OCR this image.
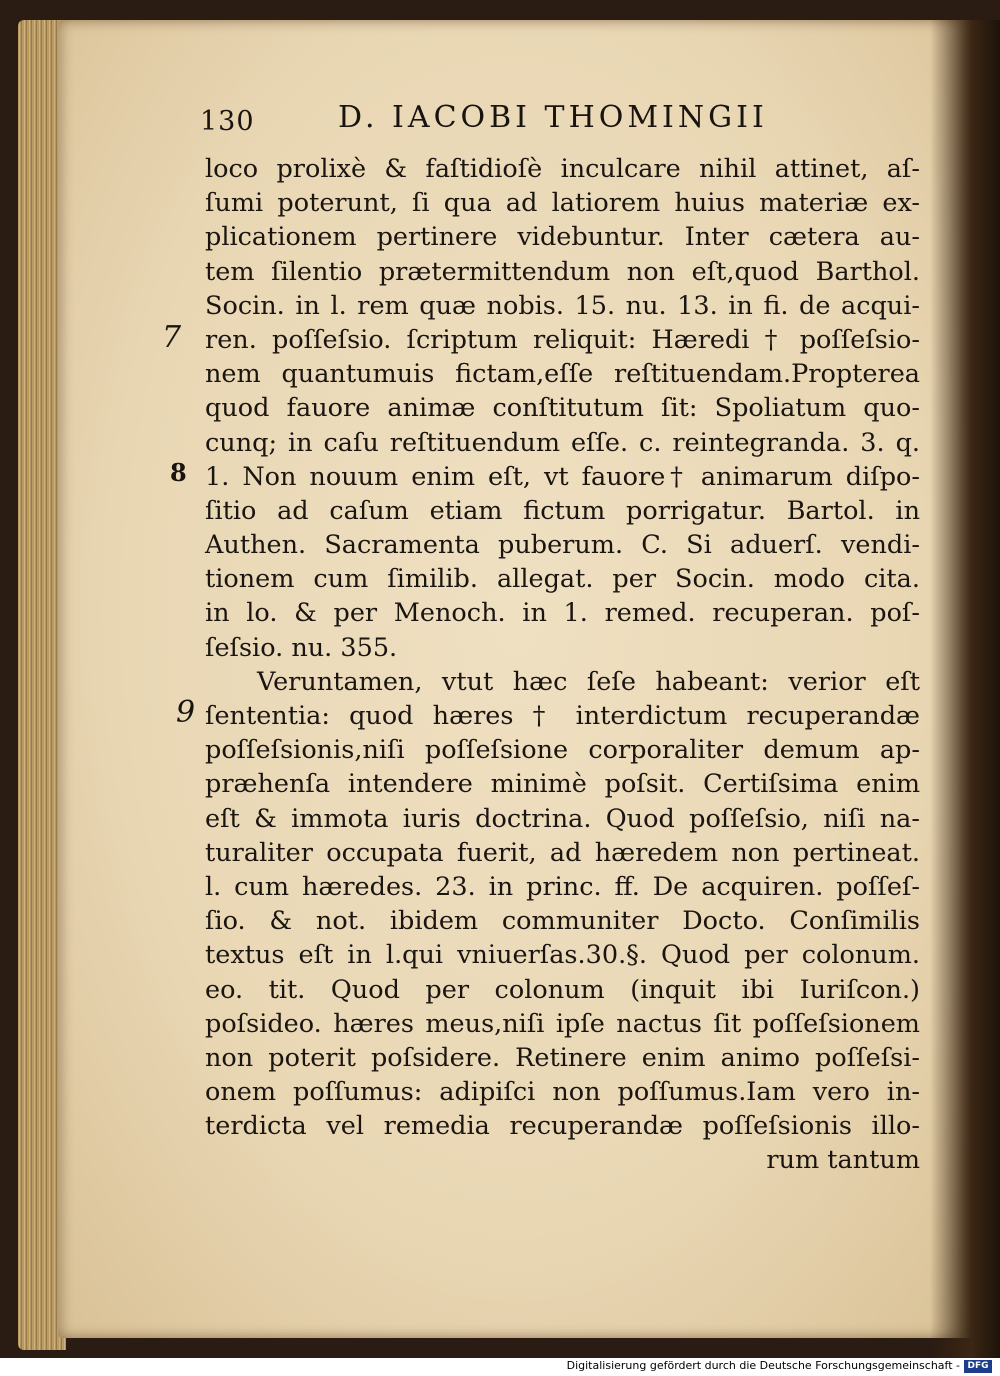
130	D. IACOBI THOMINGII
7
8
9
loco prolixè & faſtidioſè inculcare nihil attinet, aſ-
ſumi poterunt, ſi qua ad latiorem huius materiæ ex-
plicationem pertinere videbuntur. Inter cætera au-
tem ſilentio prætermittendum non eſt,quod Barthol.
Socin. in l. rem quæ nobis. 15. nu. 13. in fi. de acqui-
ren. poſſeſsio. ſcriptum reliquit: Hæredi † poſſeſsio-
nem quantumuis fictam,eſſe reſtituendam.Propterea
quod fauore animæ conſtitutum ſit: Spoliatum quo-
cunq; in caſu reſtituendum eſſe. c. reintegranda. 3. q.
1. Non nouum enim eſt, vt fauore† animarum diſpo-
ſitio ad caſum etiam fictum porrigatur. Bartol. in
Authen. Sacramenta puberum. C. Si aduerſ. vendi-
tionem cum ſimilib. allegat. per Socin. modo cita.
in lo. & per Menoch. in 1. remed. recuperan. poſ-
ſeſsio. nu. 355.
Veruntamen, vtut hæc ſeſe habeant: verior eſt
ſententia: quod hæres † interdictum recuperandæ
poſſeſsionis,niſi poſſeſsione corporaliter demum ap-
præhenſa intendere minimè poſsit. Certiſsima enim
eſt & immota iuris doctrina. Quod poſſeſsio, niſi na-
turaliter occupata fuerit, ad hæredem non pertineat.
l. cum hæredes. 23. in princ. ff. De acquiren. poſſeſ-
ſio. & not. ibidem communiter Docto. Conſimilis
textus eſt in l.qui vniuerſas.30.§. Quod per colonum.
eo. tit. Quod per colonum (inquit ibi Iuriſcon.)
poſsideo. hæres meus,niſi ipſe nactus ſit poſſeſsionem
non poterit poſsidere. Retinere enim animo poſſeſsi-
onem poſſumus: adipiſci non poſſumus.Iam vero in-
terdicta vel remedia recuperandæ poſſeſsionis illo-
rum tantum
Digitalisierung gefördert durch die Deutsche Forschungsgemeinschaft - DFG
